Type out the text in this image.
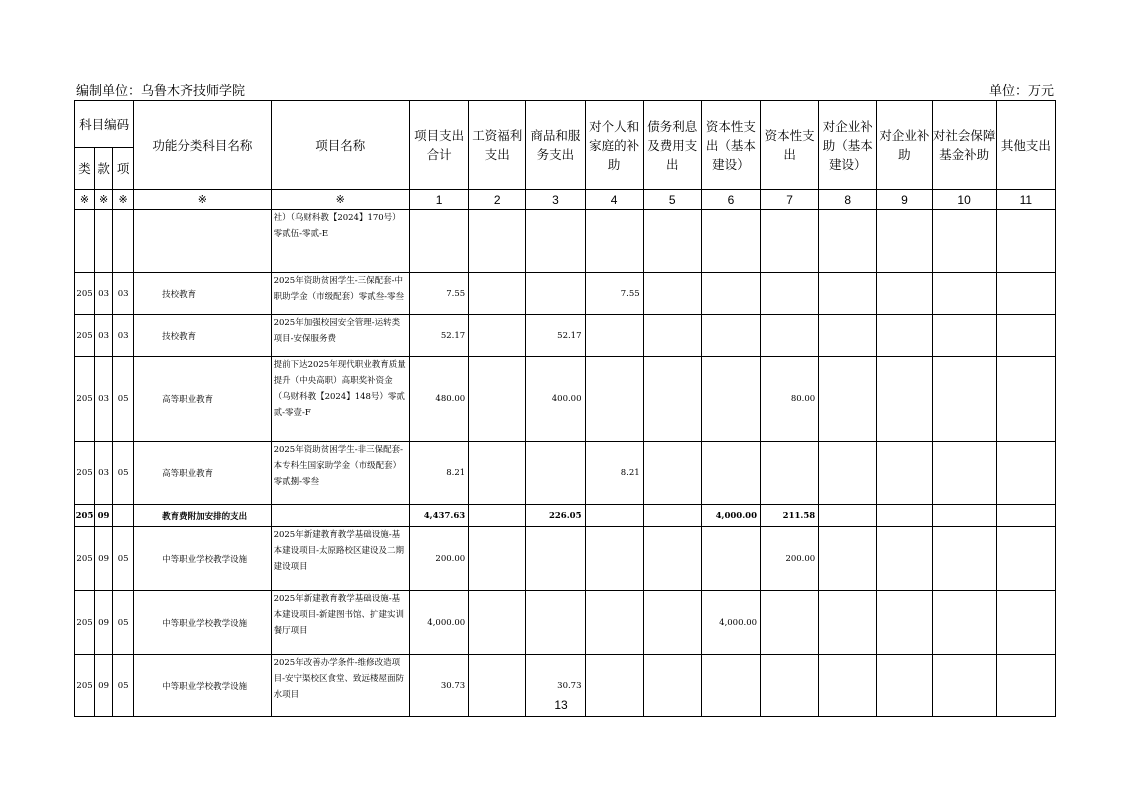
编制单位：乌鲁木齐技师学院	单位：万元
科目编码			功能分类科目名称	项目名称	项目支出合计	工资福利支出	商品和服务支出	对个人和家庭的补助	债务利息及费用支出	资本性支出（基本建设）	资本性支出	对企业补助（基本建设）	对企业补助	对社会保障基金补助	其他支出
类	款	项													
※	※	※	※	※	1	2	3	4	5	6	7	8	9	10	11
				社）（乌财科教【2024】170号）零贰伍-零贰-E											
205	03	03	技校教育	2025年资助贫困学生-三保配套-中职助学金（市级配套）零贰叁-零叁	7.55			7.55							
205	03	03	技校教育	2025年加强校园安全管理-运转类项目-安保服务费	52.17		52.17								
205	03	05	高等职业教育	提前下达2025年现代职业教育质量提升（中央高职）高职奖补资金（乌财科教【2024】148号）零贰贰-零壹-F	480.00		400.00				80.00				
205	03	05	高等职业教育	2025年资助贫困学生-非三保配套-本专科生国家助学金（市级配套）零贰捌-零叁	8.21			8.21							
205	09		教育费附加安排的支出		4,437.63		226.05			4,000.00	211.58				
205	09	05	中等职业学校教学设施	2025年新建教育教学基础设施-基本建设项目-太原路校区建设及二期建设项目	200.00						200.00				
205	09	05	中等职业学校教学设施	2025年新建教育教学基础设施-基本建设项目-新建图书馆、扩建实训餐厅项目	4,000.00					4,000.00					
205	09	05	中等职业学校教学设施	2025年改善办学条件-维修改造项目-安宁渠校区食堂、致远楼屋面防水项目	30.73		30.73								
13
